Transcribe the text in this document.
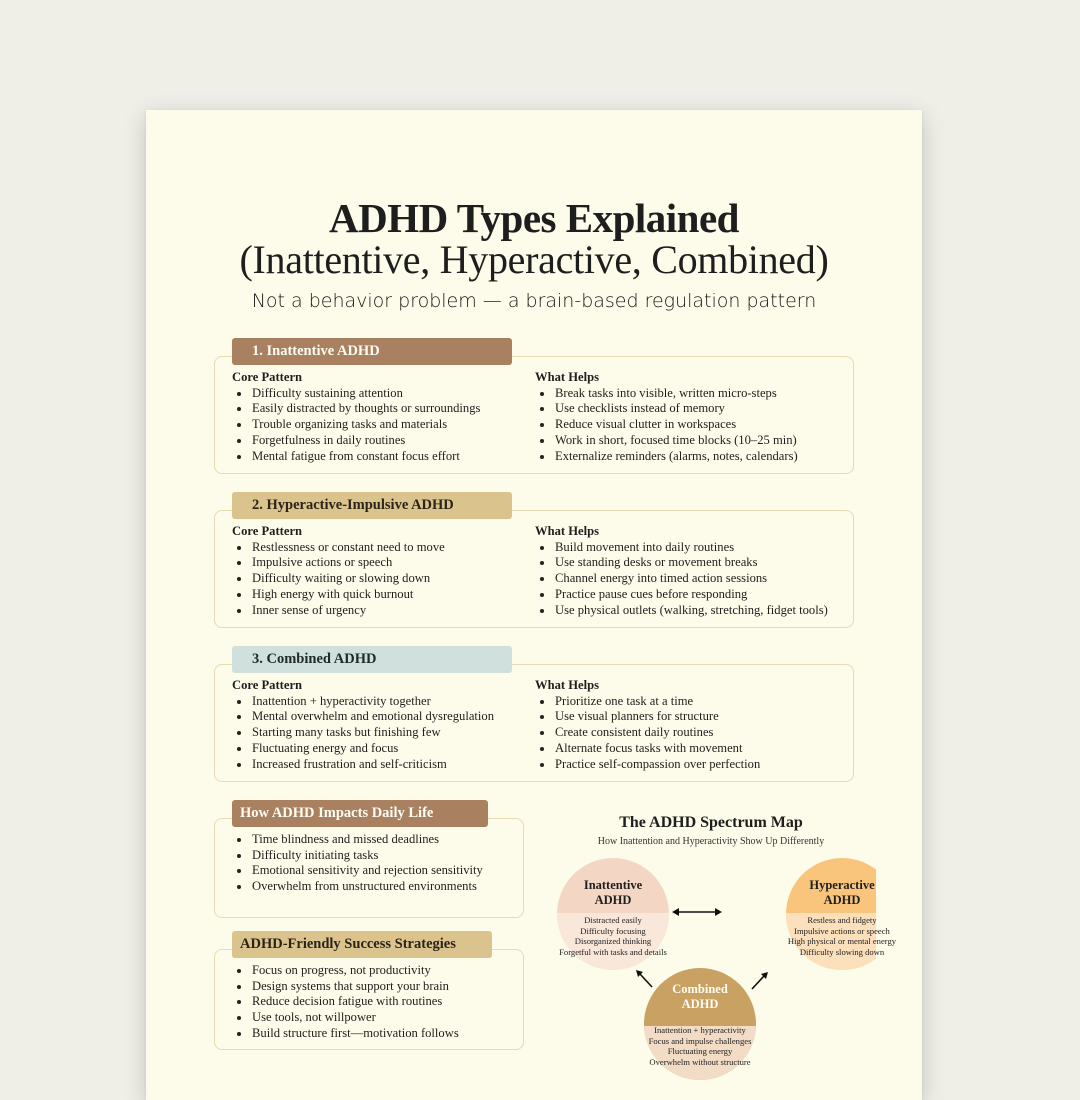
ADHD Types Explained
(Inattentive, Hyperactive, Combined)
Not a behavior problem — a brain-based regulation pattern
1. Inattentive ADHD
Core Pattern
Difficulty sustaining attention
Easily distracted by thoughts or surroundings
Trouble organizing tasks and materials
Forgetfulness in daily routines
Mental fatigue from constant focus effort
What Helps
Break tasks into visible, written micro-steps
Use checklists instead of memory
Reduce visual clutter in workspaces
Work in short, focused time blocks (10–25 min)
Externalize reminders (alarms, notes, calendars)
2. Hyperactive-Impulsive ADHD
Core Pattern
Restlessness or constant need to move
Impulsive actions or speech
Difficulty waiting or slowing down
High energy with quick burnout
Inner sense of urgency
What Helps
Build movement into daily routines
Use standing desks or movement breaks
Channel energy into timed action sessions
Practice pause cues before responding
Use physical outlets (walking, stretching, fidget tools)
3. Combined ADHD
Core Pattern
Inattention + hyperactivity together
Mental overwhelm and emotional dysregulation
Starting many tasks but finishing few
Fluctuating energy and focus
Increased frustration and self-criticism
What Helps
Prioritize one task at a time
Use visual planners for structure
Create consistent daily routines
Alternate focus tasks with movement
Practice self-compassion over perfection
How ADHD Impacts Daily Life
Time blindness and missed deadlines
Difficulty initiating tasks
Emotional sensitivity and rejection sensitivity
Overwhelm from unstructured environments
ADHD-Friendly Success Strategies
Focus on progress, not productivity
Design systems that support your brain
Reduce decision fatigue with routines
Use tools, not willpower
Build structure first—motivation follows
The ADHD Spectrum Map
How Inattention and Hyperactivity Show Up Differently
Inattentive
ADHD
Distracted easily
Difficulty focusing
Disorganized thinking
Forgetful with tasks and details
Hyperactive
ADHD
Restless and fidgety
Impulsive actions or speech
High physical or mental energy
Difficulty slowing down
Combined
ADHD
Inattention + hyperactivity
Focus and impulse challenges
Fluctuating energy
Overwhelm without structure
